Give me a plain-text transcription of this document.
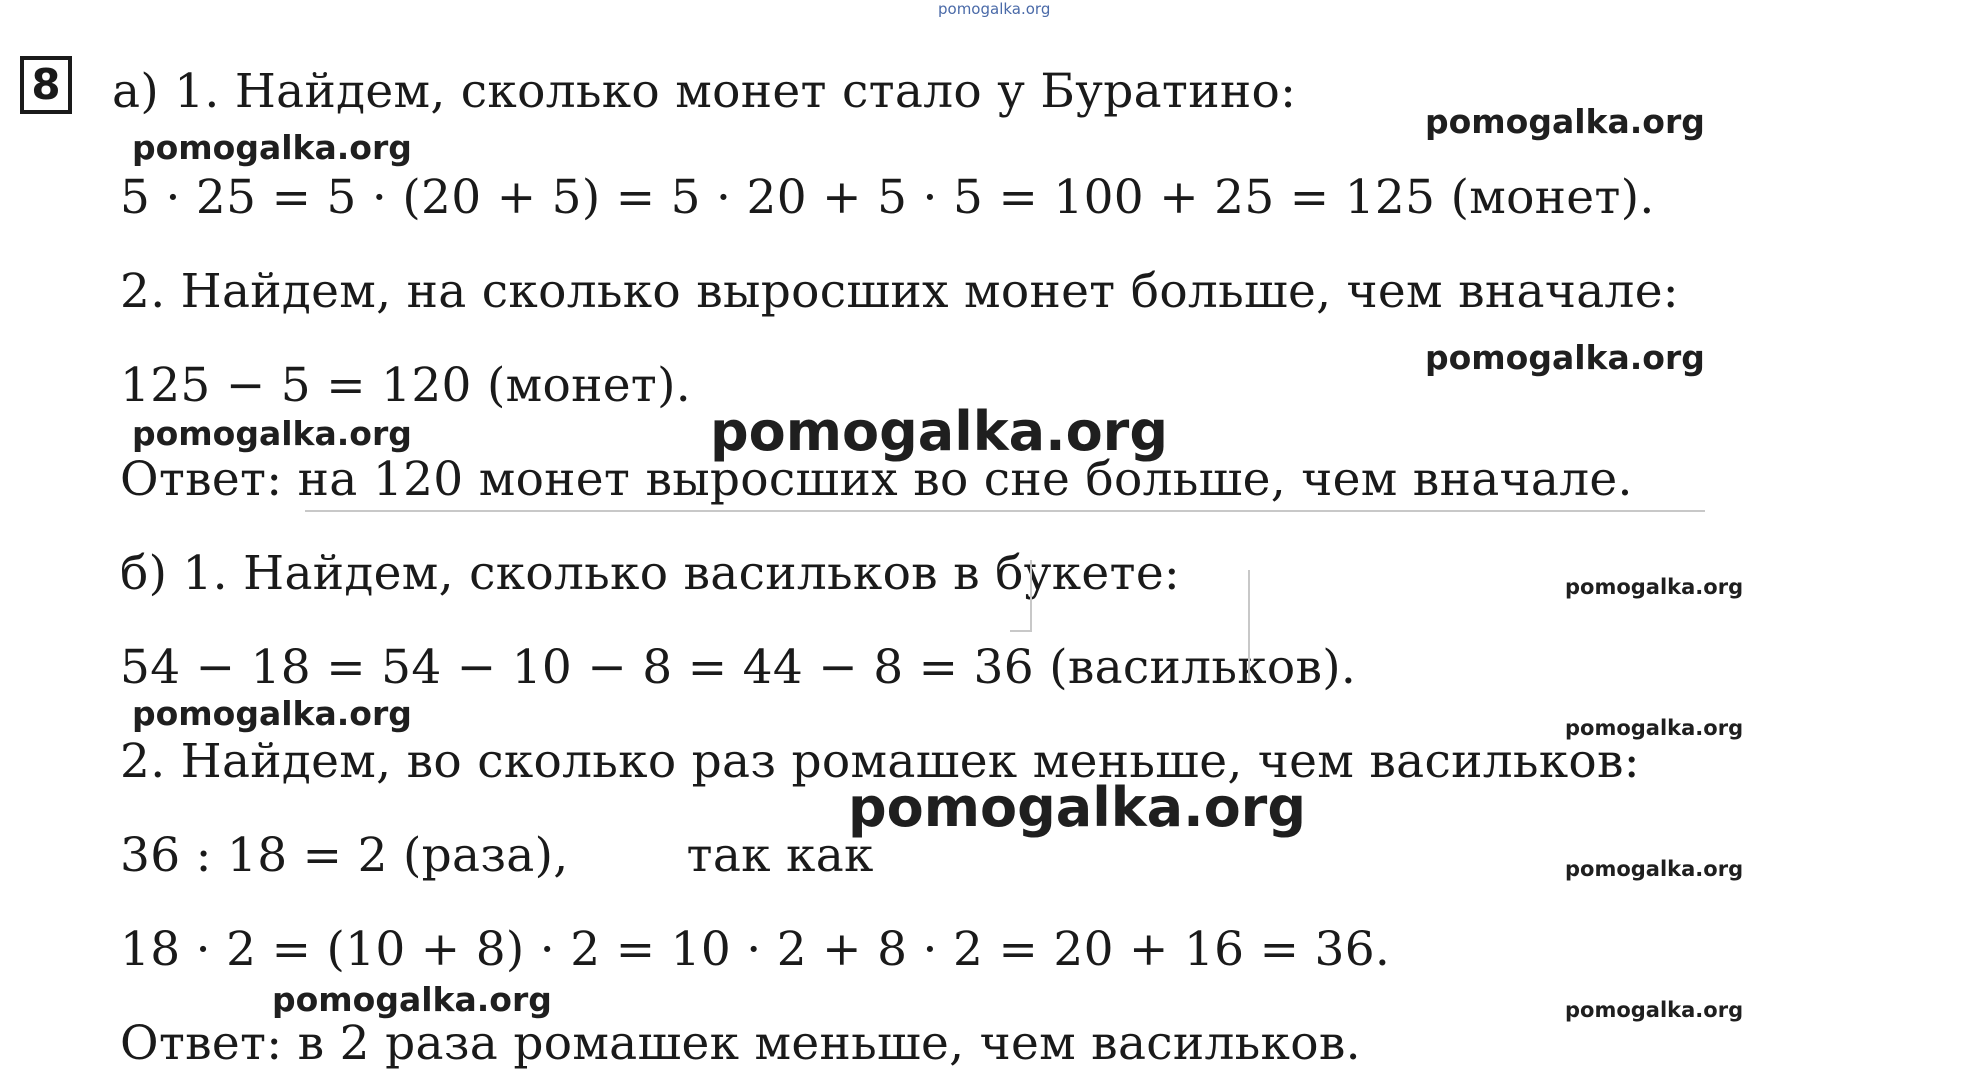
8
pomogalka.org
а) 1. Найдем, сколько монет стало у Буратино:
5 · 25 = 5 · (20 + 5) = 5 · 20 + 5 · 5 = 100 + 25 = 125 (монет).
2. Найдем, на сколько выросших монет больше, чем вначале:
125 − 5 = 120 (монет).
Ответ: на 120 монет выросших во сне больше, чем вначале.
б) 1. Найдем, сколько васильков в букете:
54 − 18 = 54 − 10 − 8 = 44 − 8 = 36 (васильков).
2. Найдем, во сколько раз ромашек меньше, чем васильков:
36 : 18 = 2 (раза),	так как
18 · 2 = (10 + 8) · 2 = 10 · 2 + 8 · 2 = 20 + 16 = 36.
Ответ: в 2 раза ромашек меньше, чем васильков.
pomogalka.org
pomogalka.org
pomogalka.org
pomogalka.org
pomogalka.org
pomogalka.org
pomogalka.org	pomogalka.org
pomogalka.org
pomogalka.org
pomogalka.org	pomogalka.org
